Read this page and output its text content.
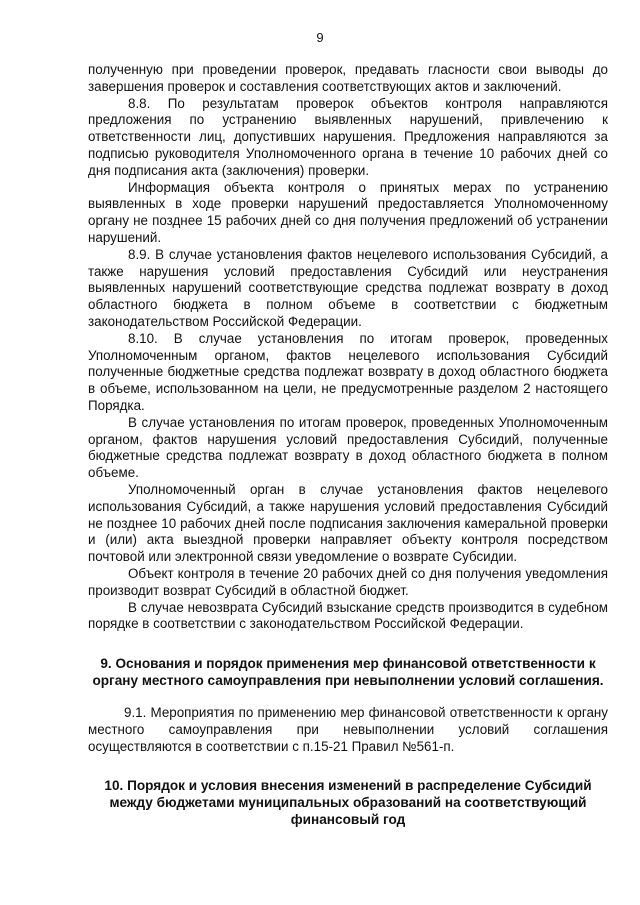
9

полученную при проведении проверок, предавать гласности свои выводы до завершения проверок и составления соответствующих актов и заключений.

8.8. По результатам проверок объектов контроля направляются предложения по устранению выявленных нарушений, привлечению к ответственности лиц, допустивших нарушения. Предложения направляются за подписью руководителя Уполномоченного органа в течение 10 рабочих дней со дня подписания акта (заключения) проверки.

Информация объекта контроля о принятых мерах по устранению выявленных в ходе проверки нарушений предоставляется Уполномоченному органу не позднее 15 рабочих дней со дня получения предложений об устранении нарушений.

8.9. В случае установления фактов нецелевого использования Субсидий, а также нарушения условий предоставления Субсидий или неустранения выявленных нарушений соответствующие средства подлежат возврату в доход областного бюджета в полном объеме в соответствии с бюджетным законодательством Российской Федерации.

8.10. В случае установления по итогам проверок, проведенных Уполномоченным органом, фактов нецелевого использования Субсидий полученные бюджетные средства подлежат возврату в доход областного бюджета в объеме, использованном на цели, не предусмотренные разделом 2 настоящего Порядка.

В случае установления по итогам проверок, проведенных Уполномоченным органом, фактов нарушения условий предоставления Субсидий, полученные бюджетные средства подлежат возврату в доход областного бюджета в полном объеме.

Уполномоченный орган в случае установления фактов нецелевого использования Субсидий, а также нарушения условий предоставления Субсидий не позднее 10 рабочих дней после подписания заключения камеральной проверки и (или) акта выездной проверки направляет объекту контроля посредством почтовой или электронной связи уведомление о возврате Субсидии.

Объект контроля в течение 20 рабочих дней со дня получения уведомления производит возврат Субсидий в областной бюджет.

В случае невозврата Субсидий взыскание средств производится в судебном порядке в соответствии с законодательством Российской Федерации.

9. Основания и порядок применения мер финансовой ответственности к органу местного самоуправления при невыполнении условий соглашения.

9.1. Мероприятия по применению мер финансовой ответственности к органу местного самоуправления при невыполнении условий соглашения осуществляются в соответствии с п.15-21 Правил №561-п.

10. Порядок и условия внесения изменений в распределение Субсидий между бюджетами муниципальных образований на соответствующий финансовый год
